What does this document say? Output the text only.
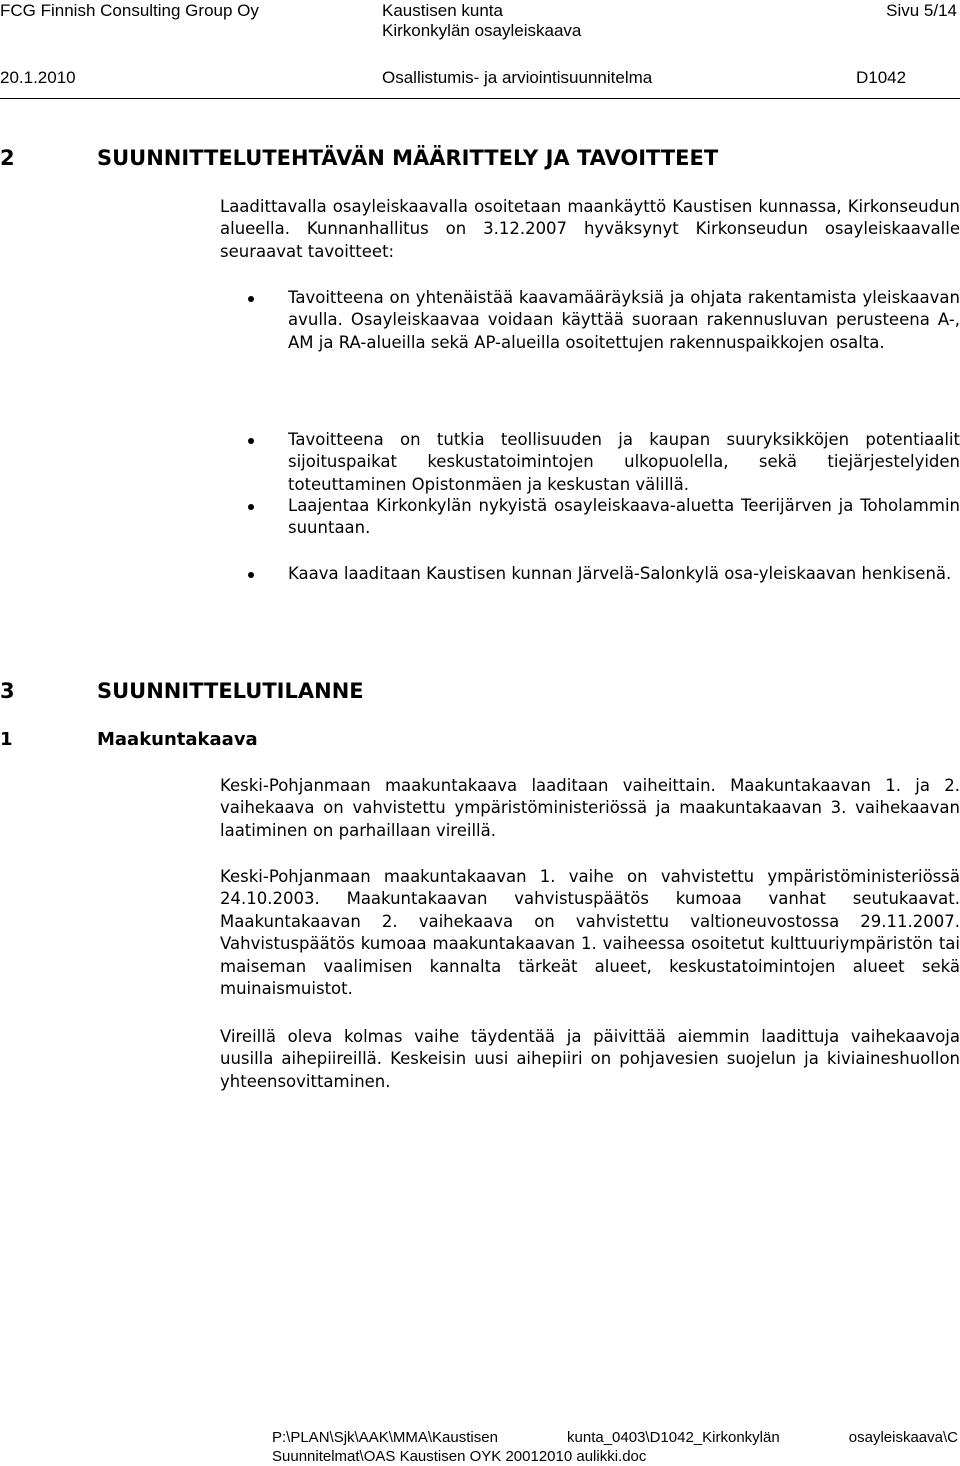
FCG Finnish Consulting Group Oy	Kaustisen kunta

Kirkonkylän osayleiskaava

Sivu 5/14

20.1.2010	Osallistumis- ja arviointisuunnitelma	D1042

2	SUUNNITTELUTEHTÄVÄN MÄÄRITTELY JA TAVOITTEET

Laadittavalla osayleiskaavalla osoitetaan maankäyttö Kaustisen kunnassa, Kirkonseudun alueella. Kunnanhallitus on 3.12.2007 hyväksynyt Kirkonseudun osayleiskaavalle seuraavat tavoitteet:

Tavoitteena on yhtenäistää kaavamääräyksiä ja ohjata rakentamista yleiskaavan avulla. Osayleiskaavaa voidaan käyttää suoraan rakennusluvan perusteena A-, AM ja RA-alueilla sekä AP-alueilla osoitettujen rakennuspaikkojen osalta.

Tavoitteena on tutkia teollisuuden ja kaupan suuryksikköjen potentiaalit sijoituspaikat keskustatoimintojen ulkopuolella, sekä tiejärjestelyiden toteuttaminen Opistonmäen ja keskustan välillä.

Laajentaa Kirkonkylän nykyistä osayleiskaava-aluetta Teerijärven ja Toholammin suuntaan.

Kaava laaditaan Kaustisen kunnan Järvelä-Salonkylä osa-yleiskaavan henkisenä.

3	SUUNNITTELUTILANNE
1	Maakuntakaava

Keski-Pohjanmaan maakuntakaava laaditaan vaiheittain. Maakuntakaavan 1. ja 2. vaihekaava on vahvistettu ympäristöministeriössä ja maakuntakaavan 3. vaihekaavan laatiminen on parhaillaan vireillä.

Keski-Pohjanmaan maakuntakaavan 1. vaihe on vahvistettu ympäristöministeriössä 24.10.2003. Maakuntakaavan vahvistuspäätös kumoaa vanhat seutukaavat. Maakuntakaavan 2. vaihekaava on vahvistettu valtioneuvostossa 29.11.2007. Vahvistuspäätös kumoaa maakuntakaavan 1. vaiheessa osoitetut kulttuuriympäristön tai maiseman vaalimisen kannalta tärkeät alueet, keskustatoimintojen alueet sekä muinaismuistot.

Vireillä oleva kolmas vaihe täydentää ja päivittää aiemmin laadittuja vaihekaavoja uusilla aihepiireillä. Keskeisin uusi aihepiiri on pohjavesien suojelun ja kiviaineshuollon yhteensovittaminen.

P:\PLAN\Sjk\AAK\MMA\Kaustisen kunta_0403\D1042_Kirkonkylän osayleiskaava\C
Suunnitelmat\OAS Kaustisen OYK 20012010 aulikki.doc
